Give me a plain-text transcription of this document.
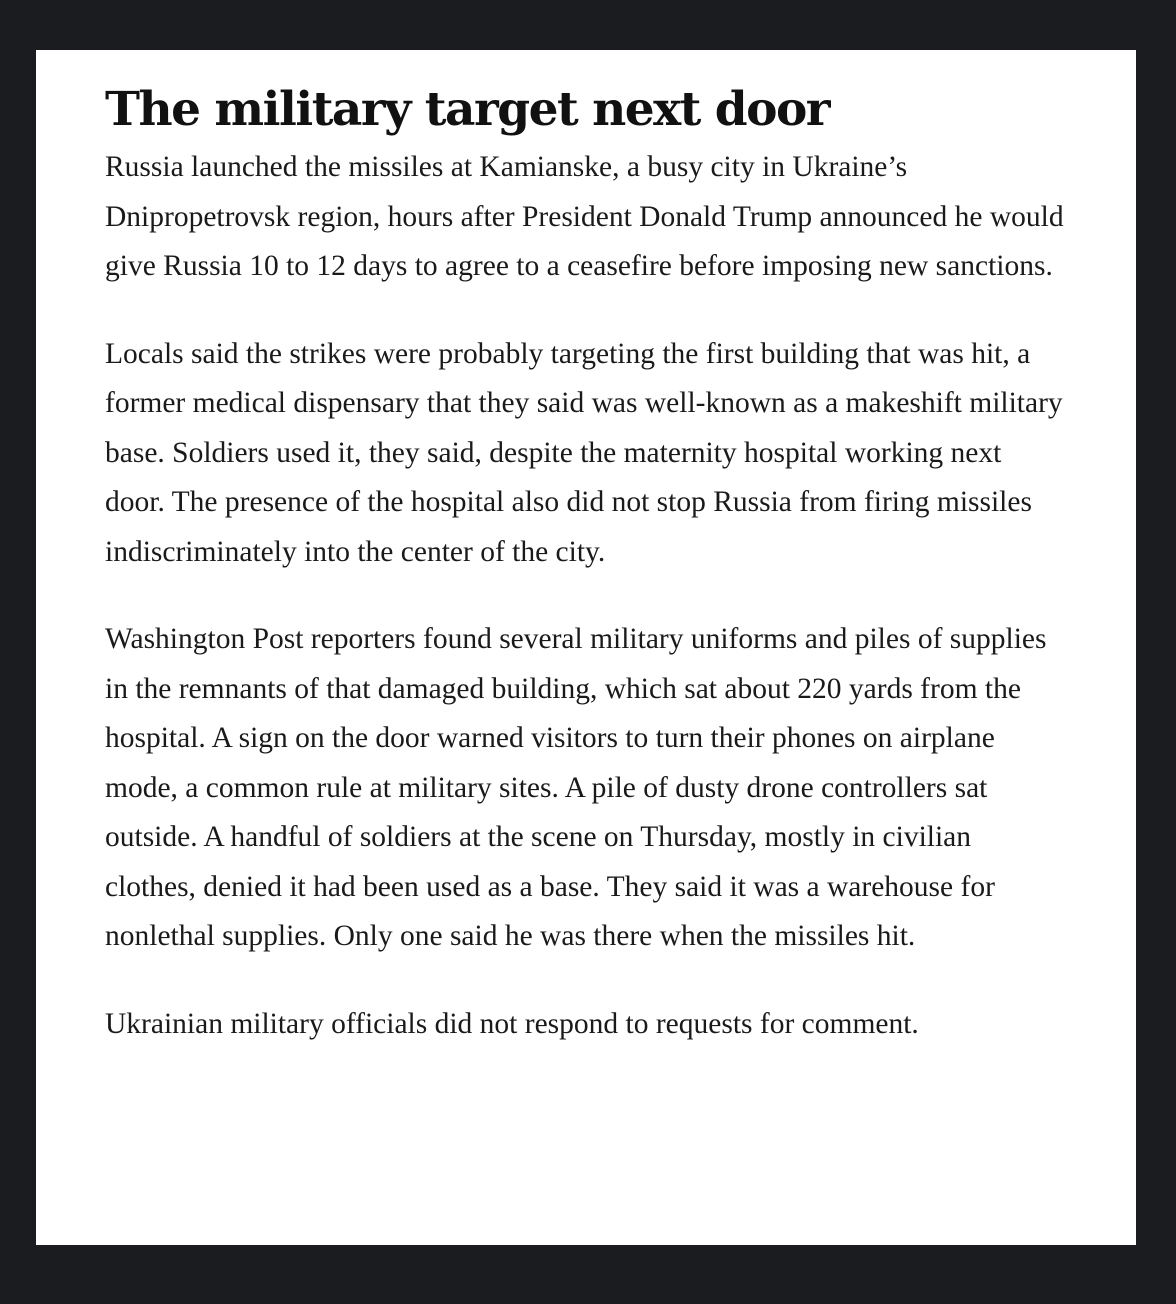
The military target next door

Russia launched the missiles at Kamianske, a busy city in Ukraine’s Dnipropetrovsk region, hours after President Donald Trump announced he would give Russia 10 to 12 days to agree to a ceasefire before imposing new sanctions.

Locals said the strikes were probably targeting the first building that was hit, a former medical dispensary that they said was well-known as a makeshift military base. Soldiers used it, they said, despite the maternity hospital working next door. The presence of the hospital also did not stop Russia from firing missiles indiscriminately into the center of the city.

Washington Post reporters found several military uniforms and piles of supplies in the remnants of that damaged building, which sat about 220 yards from the hospital. A sign on the door warned visitors to turn their phones on airplane mode, a common rule at military sites. A pile of dusty drone controllers sat outside. A handful of soldiers at the scene on Thursday, mostly in civilian clothes, denied it had been used as a base. They said it was a warehouse for nonlethal supplies. Only one said he was there when the missiles hit.

Ukrainian military officials did not respond to requests for comment.
